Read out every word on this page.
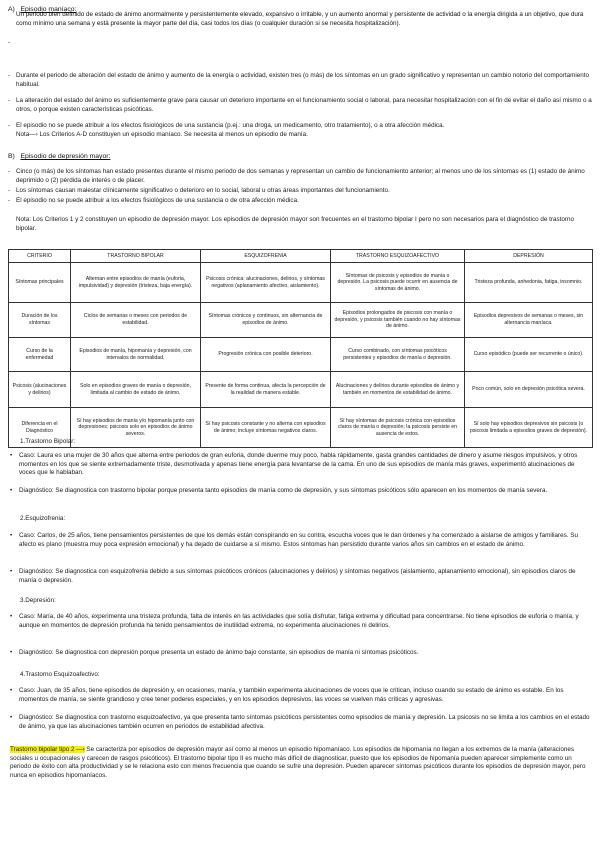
A) Episodio maníaco:
-
Un periodo bien definido de estado de ánimo anormalmente y persistentemente elevado, expansivo o irritable, y un aumento anormal y persistente de actividad o la energía dirigida a un objetivo, que dura como mínimo una semana y está presente la mayor parte del día, casi todos los días (o cualquier duración si se necesita hospitalización).
- Durante el periodo de alteración del estado de ánimo y aumento de la energía o actividad, existen tres (o más) de los síntomas en un grado significativo y representan un cambio notorio del comportamiento habitual.
- La alteración del estado del ánimo es suficientemente grave para causar un deterioro importante en el funcionamiento social o laboral, para necesitar hospitalización con el fin de evitar el daño así mismo o a otros, o porque existen características psicóticas.
- El episodio no se puede atribuir a los efectos fisiológicos de una sustancia (p.ej.: una droga, un medicamento, otro tratamiento), o a otra afección médica.
Nota—› Los Criterios A-D constituyen un episodio maníaco. Se necesita al menos un episodio de manía.
B) Episodio de depresión mayor:
- Cinco (o más) de los síntomas han estado presentes durante el mismo periodo de dos semanas y representan un cambio de funcionamiento anterior; al menos uno de los síntomas es (1) estado de ánimo deprimido o (2) pérdida de interés o de placer.
- Los síntomas causan malestar clínicamente significativo o deterioro en lo social, laboral u otras áreas importantes del funcionamiento.
- El episodio no se puede atribuir a los efectos fisiológicos de una sustancia o de otra afección médica.
Nota: Los Criterios 1 y 2 constituyen un episodio de depresión mayor. Los episodios de depresión mayor son frecuentes en el trastorno bipolar I pero no son necesarios para el diagnóstico de trastorno bipolar.
CRITERIO	TRASTORNO BIPOLAR	ESQUIZOFRENIA	TRASTORNO ESQUIZOAFECTIVO	DEPRESIÓN
Síntomas principales	Alternan entre episodios de manía (euforia, impulsividad) y depresión (tristeza, baja energía).	Psicosis crónica: alucinaciones, delirios, y síntomas negativos (aplanamiento afectivo, aislamiento).	Síntomas de psicosis y episodios de manía o depresión. La psicosis puede ocurrir en ausencia de síntomas de ánimo.	Tristeza profunda, anhedonia, fatiga, insomnio.
Duración de los síntomas	Ciclos de semanas o meses con periodos de estabilidad.	Síntomas crónicos y continuos, sin alternancia de episodios de ánimo.	Episodios prolongados de psicosis con manía o depresión, y psicosis también cuando no hay síntomas de ánimo.	Episodios depresivos de semanas o meses, sin alternancia maníaca.
Curso de la enfermedad	Episodios de manía, hipomanía y depresión, con intervalos de normalidad.	Progresión crónica con posible deterioro.	Curso combinado, con síntomas psicóticos persistentes y episodios de manía o depresión.	Curso episódico (puede ser recurrente o único).
Psicosis (alucinaciones y delirios)	Solo en episodios graves de manía o depresión, limitada al cambio de estado de ánimo.	Presente de forma continua, afecta la percepción de la realidad de manera estable.	Alucinaciones y delirios durante episodios de ánimo y también en momentos de estabilidad de ánimo.	Poco común, solo en depresión psicótica severa.
Diferencia en el Diagnóstico	Sí hay episodios de manía y/o hipomanía junto con depresiones; psicosis solo en episodios de ánimo severos.	Sí hay psicosis constante y no alterna con episodios de ánimo; incluye síntomas negativos claros.	Sí hay síntomas de psicosis crónica con episodios claros de manía o depresión; la psicosis persiste en ausencia de estos.	Sí solo hay episodios depresivos sin psicosis (o psicosis limitada a episodios graves de depresión).
1.Trastorno Bipolar:
• Caso: Laura es una mujer de 30 años que alterna entre periodos de gran euforia, donde duerme muy poco, habla rápidamente, gasta grandes cantidades de dinero y asume riesgos impulsivos, y otros momentos en los que se siente extremadamente triste, desmotivada y apenas tiene energía para levantarse de la cama. En uno de sus episodios de manía más graves, experimentó alucinaciones de voces que le hablaban.
• Diagnóstico: Se diagnostica con trastorno bipolar porque presenta tanto episodios de manía como de depresión, y sus síntomas psicóticos sólo aparecen en los momentos de manía severa.
2.Esquizofrenia:
• Caso: Carlos, de 25 años, tiene pensamientos persistentes de que los demás están conspirando en su contra, escucha voces que le dan órdenes y ha comenzado a aislarse de amigos y familiares. Su afecto es plano (muestra muy poca expresión emocional) y ha dejado de cuidarse a sí mismo. Estos síntomas han persistido durante varios años sin cambios en el estado de ánimo.
• Diagnóstico: Se diagnostica con esquizofrenia debido a sus síntomas psicóticos crónicos (alucinaciones y delirios) y síntomas negativos (aislamiento, aplanamiento emocional), sin episodios claros de manía o depresión.
3.Depresión:
• Caso: María, de 40 años, experimenta una tristeza profunda, falta de interés en las actividades que solía disfrutar, fatiga extrema y dificultad para concentrarse. No tiene episodios de euforia o manía, y aunque en momentos de depresión profunda ha tenido pensamientos de inutilidad extrema, no experimenta alucinaciones ni delirios.
• Diagnóstico: Se diagnostica con depresión porque presenta un estado de ánimo bajo constante, sin episodios de manía ni síntomas psicóticos.
4.Trastorno Esquizoafectivo:
• Caso: Juan, de 35 años, tiene episodios de depresión y, en ocasiones, manía, y también experimenta alucinaciones de voces que le critican, incluso cuando su estado de ánimo es estable. En los momentos de manía, se siente grandioso y cree tener poderes especiales, y en los episodios depresivos, las voces se vuelven más críticas y agresivas.
• Diagnóstico: Se diagnostica con trastorno esquizoafectivo, ya que presenta tanto síntomas psicóticos persistentes como episodios de manía y depresión. La psicosis no se limita a los cambios en el estado de ánimo, ya que las alucinaciones también ocurren en periodos de estabilidad afectiva.
Trastorno bipolar tipo 2 —› Se caracteriza por episodios de depresión mayor así como al menos un episodio hipomaníaco. Los episodios de hipomanía no llegan a los extremos de la manía (alteraciones sociales u ocupacionales y carecen de rasgos psicóticos). El trastorno bipolar tipo II es mucho más difícil de diagnosticar, puesto que los episodios de hipomanía pueden aparecer simplemente como un periodo de éxito con alta productividad y se le relaciona esto con menos frecuencia que cuando se sufre una depresión. Pueden aparecer síntomas psicóticos durante los episodios de depresión mayor, pero nunca en episodios hipomaníacos.
